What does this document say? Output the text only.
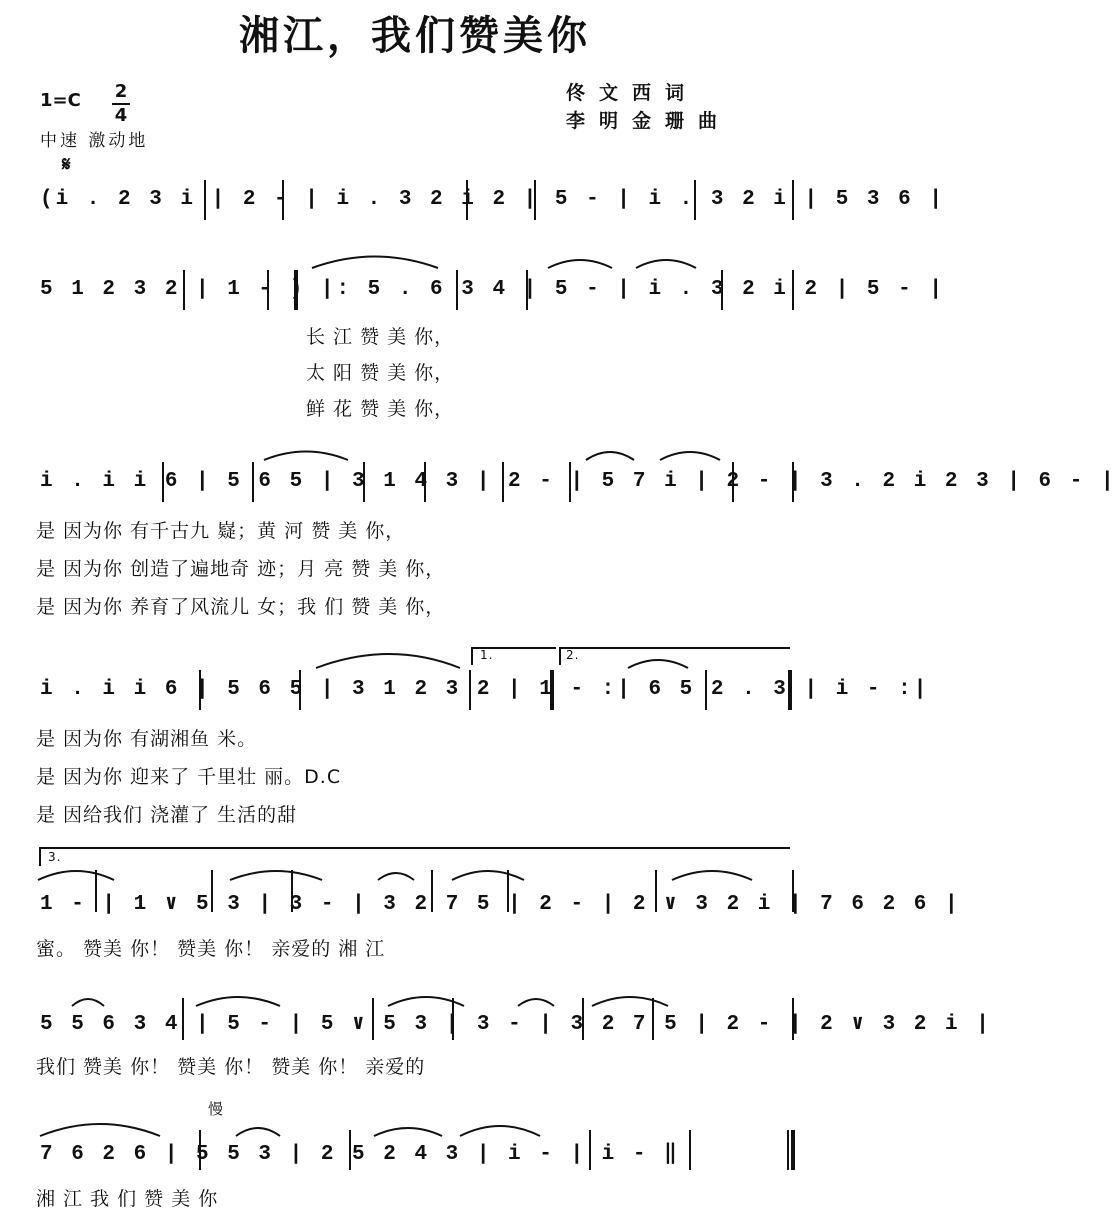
湘江，我们赞美你
1=C 2
4
中速 激动地
𝄋
佟文西词
李明金珊曲
(i . 2 3 i | 2 - | i . 3 2 i 2 | 5 - | i . 3 2 i | 5 3 6 |
5 1 2 3 2 | 1 - ) |: 5 . 6 3 4 | 5 - | i . 3 2 i 2 | 5 - |
长 江 赞 美 你，
太 阳 赞 美 你，
鲜 花 赞 美 你，
i . i i 6 | 5 6 5 | 3 1 4 3 | 2 - | 5 7 i | 2 - | 3 . 2 i 2 3 | 6 - |
是 因为你 有千古九 嶷；黄 河 赞 美 你，
是 因为你 创造了遍地奇 迹；月 亮 赞 美 你，
是 因为你 养育了风流儿 女；我 们 赞 美 你，
1.	2.
i . i i 6 | 5 6 5 | 3 1 2 3 2 | 1 - :| 6 5 2 . 3 | i - :|
是 因为你 有湖湘鱼 米。
是 因为你 迎来了 千里壮 丽。D.C
是 因给我们 浇灌了 生活的甜
3.
1 - | 1 ∨ 5 3 | 3 - | 3 2 7 5 | 2 - | 2 ∨ 3 2 i | 7 6 2 6 |
蜜。 赞美 你！ 赞美 你！ 亲爱的 湘 江
5 5 6 3 4 | 5 - | 5 ∨ 5 3 | 3 - | 3 2 7 5 | 2 - | 2 ∨ 3 2 i |
我们 赞美 你！ 赞美 你！ 赞美 你！ 亲爱的
慢
7 6 2 6 | 5 5 3 | 2 5 2 4 3 | i - | i - ‖
湘 江 我 们 赞 美 你
